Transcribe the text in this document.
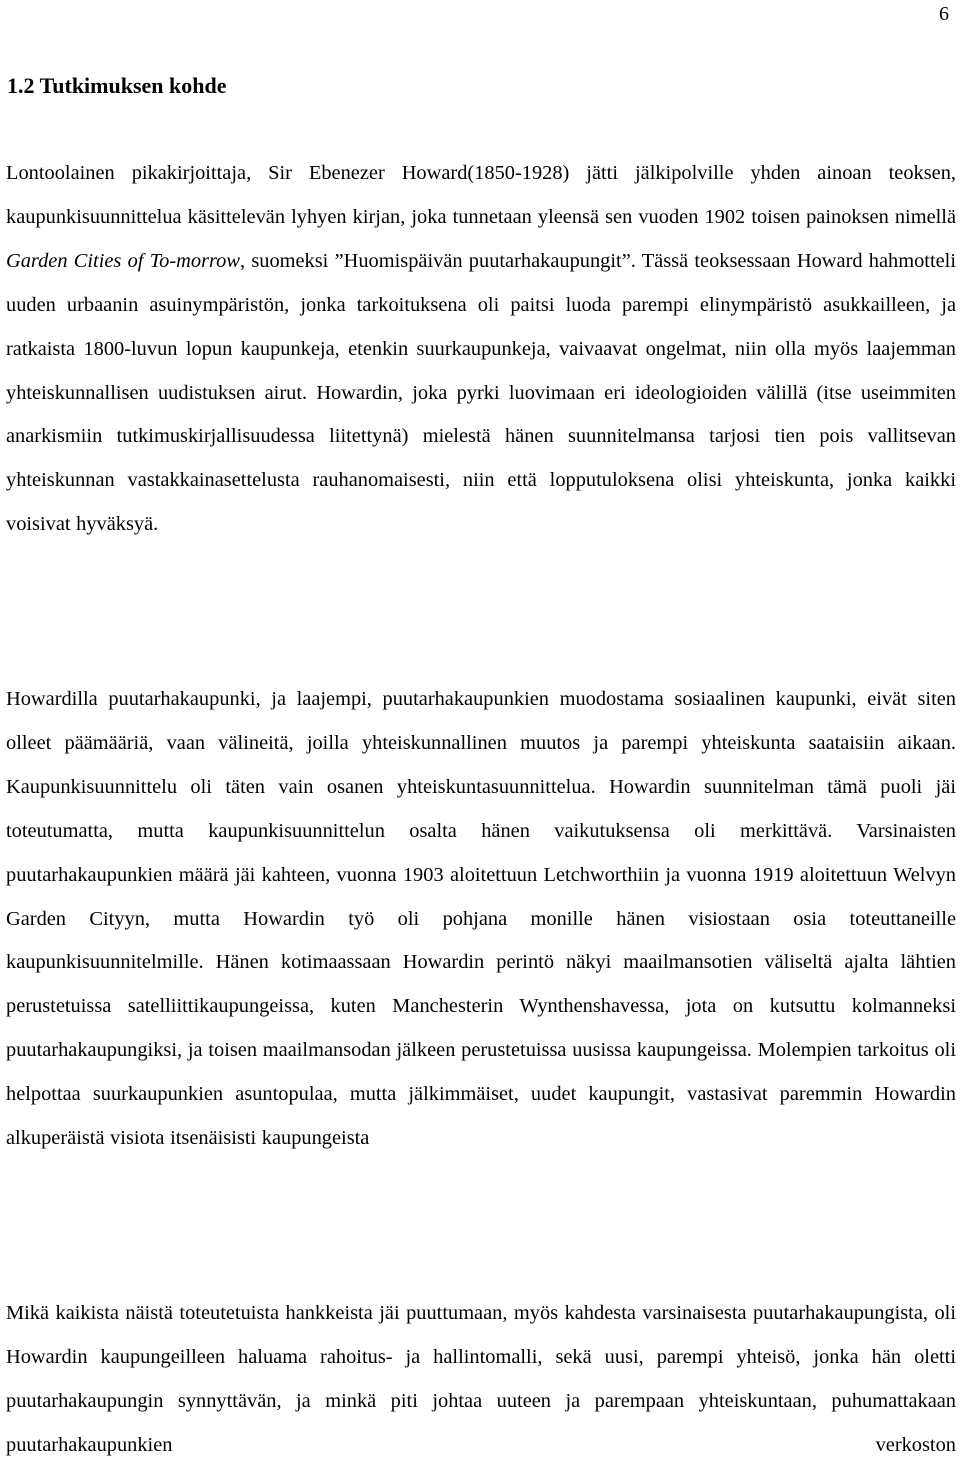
6
1.2 Tutkimuksen kohde

Lontoolainen pikakirjoittaja, Sir Ebenezer Howard(1850-1928) jätti jälkipolville yhden ainoan teoksen, kaupunkisuunnittelua käsittelevän lyhyen kirjan, joka tunnetaan yleensä sen vuoden 1902 toisen painoksen nimellä Garden Cities of To-morrow, suomeksi ”Huomispäivän puutarhakaupungit”. Tässä teoksessaan Howard hahmotteli uuden urbaanin asuinympäristön, jonka tarkoituksena oli paitsi luoda parempi elinympäristö asukkailleen, ja ratkaista 1800-luvun lopun kaupunkeja, etenkin suurkaupunkeja, vaivaavat ongelmat, niin olla myös laajemman yhteiskunnallisen uudistuksen airut. Howardin, joka pyrki luovimaan eri ideologioiden välillä (itse useimmiten anarkismiin tutkimuskirjallisuudessa liitettynä) mielestä hänen suunnitelmansa tarjosi tien pois vallitsevan yhteiskunnan vastakkainasettelusta rauhanomaisesti, niin että lopputuloksena olisi yhteiskunta, jonka kaikki voisivat hyväksyä.

Howardilla puutarhakaupunki, ja laajempi, puutarhakaupunkien muodostama sosiaalinen kaupunki, eivät siten olleet päämääriä, vaan välineitä, joilla yhteiskunnallinen muutos ja parempi yhteiskunta saataisiin aikaan. Kaupunkisuunnittelu oli täten vain osanen yhteiskuntasuunnittelua. Howardin suunnitelman tämä puoli jäi toteutumatta, mutta kaupunkisuunnittelun osalta hänen vaikutuksensa oli merkittävä. Varsinaisten puutarhakaupunkien määrä jäi kahteen, vuonna 1903 aloitettuun Letchworthiin ja vuonna 1919 aloitettuun Welvyn Garden Cityyn, mutta Howardin työ oli pohjana monille hänen visiostaan osia toteuttaneille kaupunkisuunnitelmille. Hänen kotimaassaan Howardin perintö näkyi maailmansotien väliseltä ajalta lähtien perustetuissa satelliittikaupungeissa, kuten Manchesterin Wynthenshavessa, jota on kutsuttu kolmanneksi puutarhakaupungiksi, ja toisen maailmansodan jälkeen perustetuissa uusissa kaupungeissa. Molempien tarkoitus oli helpottaa suurkaupunkien asuntopulaa, mutta jälkimmäiset, uudet kaupungit, vastasivat paremmin Howardin alkuperäistä visiota itsenäisisti kaupungeista

Mikä kaikista näistä toteutetuista hankkeista jäi puuttumaan, myös kahdesta varsinaisesta puutarhakaupungista, oli Howardin kaupungeilleen haluama rahoitus- ja hallintomalli, sekä uusi, parempi yhteisö, jonka hän oletti puutarhakaupungin synnyttävän, ja minkä piti johtaa uuteen ja parempaan yhteiskuntaan, puhumattakaan puutarhakaupunkien verkoston
